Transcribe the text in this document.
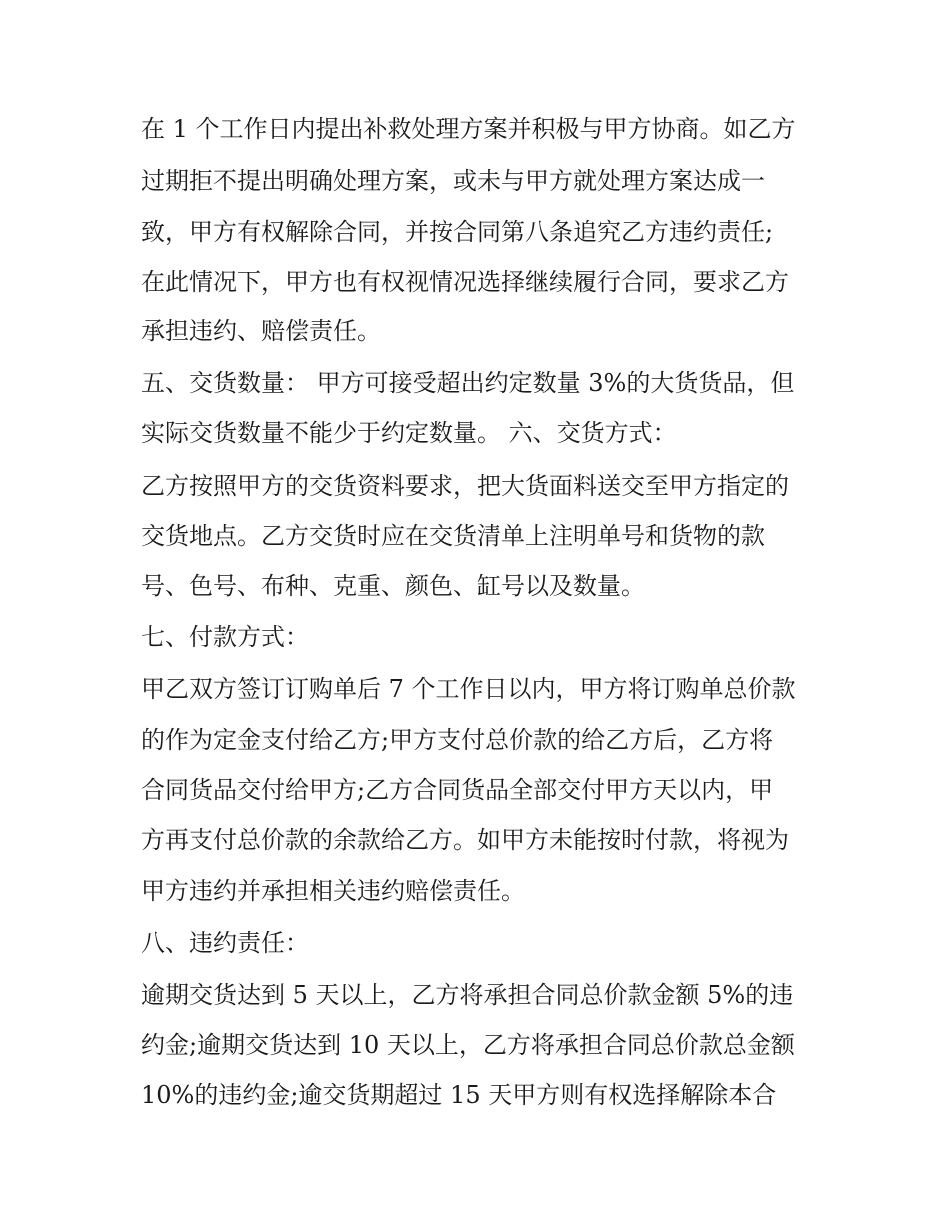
在 1 个工作日内提出补救处理方案并积极与甲方协商。如乙方
过期拒不提出明确处理方案，或未与甲方就处理方案达成一
致，甲方有权解除合同，并按合同第八条追究乙方违约责任;
在此情况下，甲方也有权视情况选择继续履行合同，要求乙方
承担违约、赔偿责任。
五、交货数量： 甲方可接受超出约定数量 3%的大货货品，但
实际交货数量不能少于约定数量。 六、交货方式：
乙方按照甲方的交货资料要求，把大货面料送交至甲方指定的
交货地点。乙方交货时应在交货清单上注明单号和货物的款
号、色号、布种、克重、颜色、缸号以及数量。
七、付款方式：
甲乙双方签订订购单后 7 个工作日以内，甲方将订购单总价款
的作为定金支付给乙方;甲方支付总价款的给乙方后，乙方将
合同货品交付给甲方;乙方合同货品全部交付甲方天以内，甲
方再支付总价款的余款给乙方。如甲方未能按时付款，将视为
甲方违约并承担相关违约赔偿责任。
八、违约责任：
逾期交货达到 5 天以上，乙方将承担合同总价款金额 5%的违
约金;逾期交货达到 10 天以上，乙方将承担合同总价款总金额
10%的违约金;逾交货期超过 15 天甲方则有权选择解除本合
